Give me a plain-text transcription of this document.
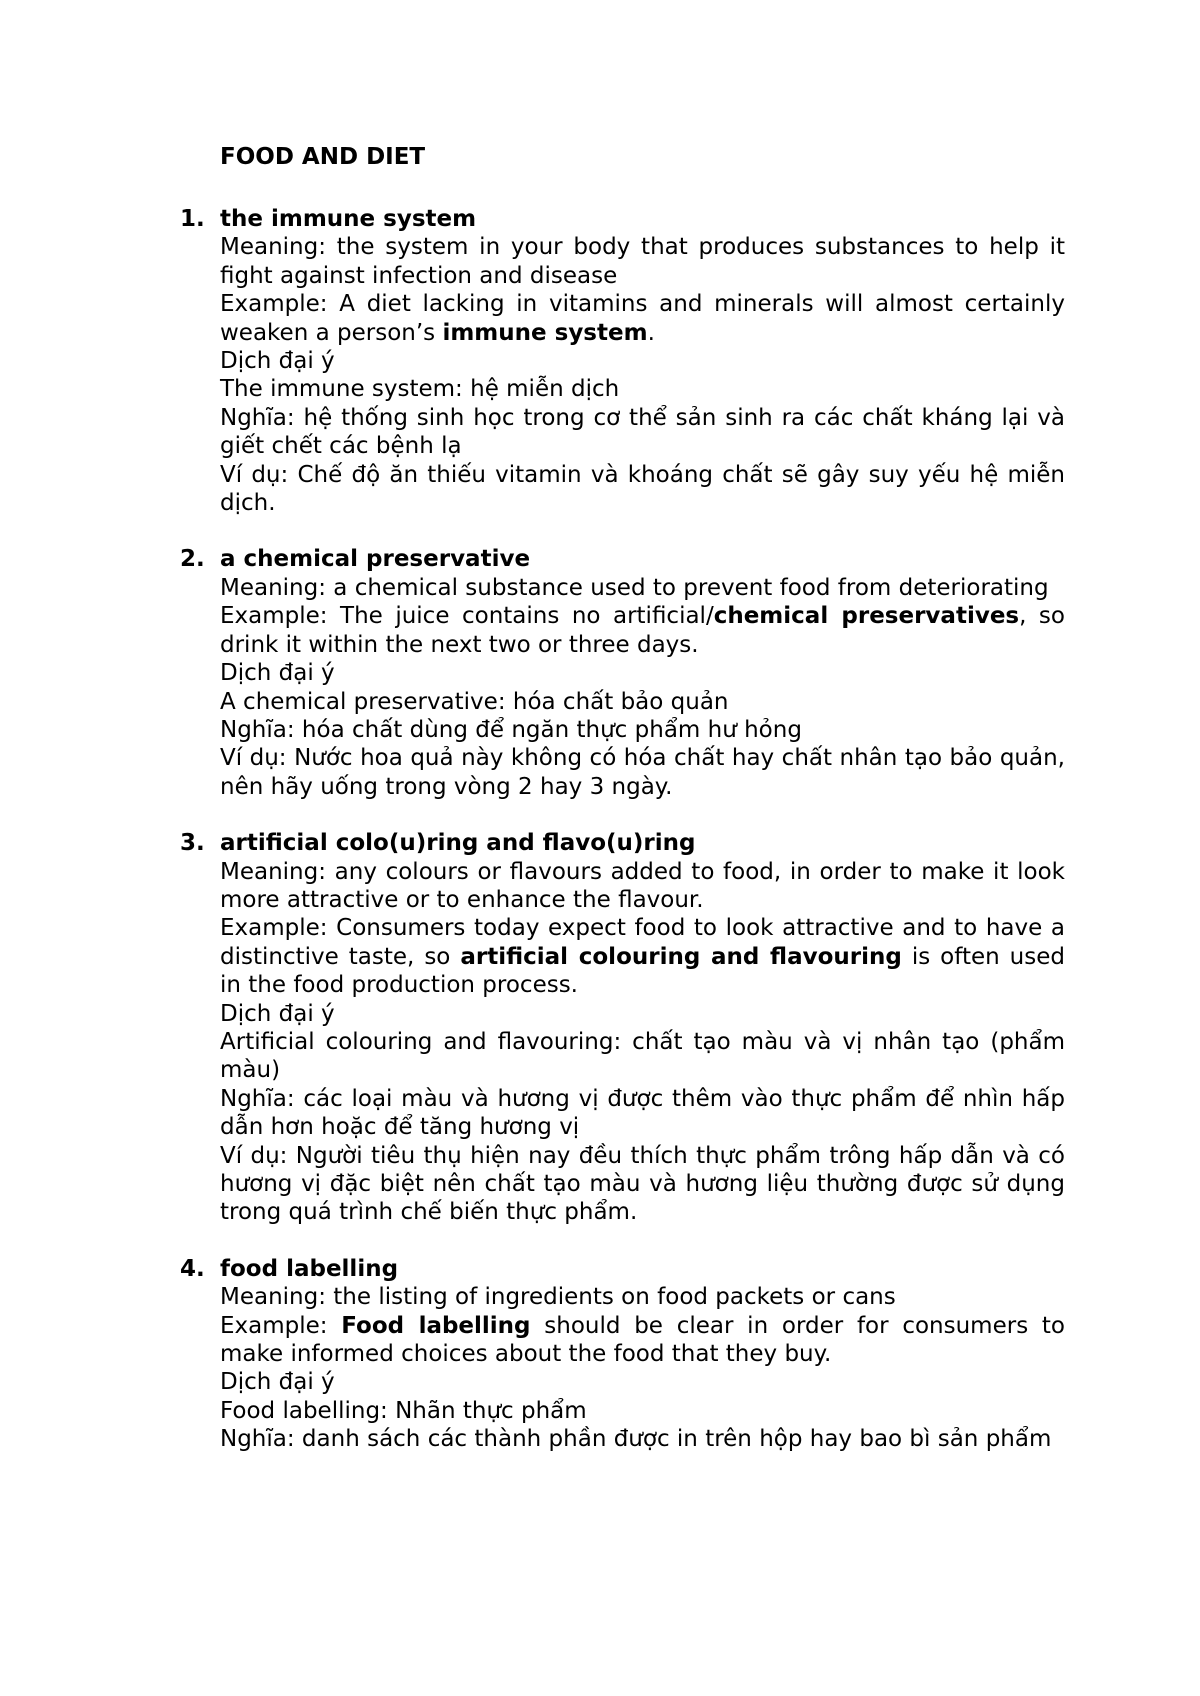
FOOD AND DIET
1. the immune system
Meaning: the system in your body that produces substances to help it fight against infection and disease
Example: A diet lacking in vitamins and minerals will almost certainly weaken a person’s immune system.
Dịch đại ý
The immune system: hệ miễn dịch
Nghĩa: hệ thống sinh học trong cơ thể sản sinh ra các chất kháng lại và giết chết các bệnh lạ
Ví dụ: Chế độ ăn thiếu vitamin và khoáng chất sẽ gây suy yếu hệ miễn dịch.
2. a chemical preservative
Meaning: a chemical substance used to prevent food from deteriorating
Example: The juice contains no artificial/chemical preservatives, so drink it within the next two or three days.
Dịch đại ý
A chemical preservative: hóa chất bảo quản
Nghĩa: hóa chất dùng để ngăn thực phẩm hư hỏng
Ví dụ: Nước hoa quả này không có hóa chất hay chất nhân tạo bảo quản, nên hãy uống trong vòng 2 hay 3 ngày.
3. artificial colo(u)ring and flavo(u)ring
Meaning: any colours or flavours added to food, in order to make it look more attractive or to enhance the flavour.
Example: Consumers today expect food to look attractive and to have a distinctive taste, so artificial colouring and flavouring is often used in the food production process.
Dịch đại ý
Artificial colouring and flavouring: chất tạo màu và vị nhân tạo (phẩm màu)
Nghĩa: các loại màu và hương vị được thêm vào thực phẩm để nhìn hấp dẫn hơn hoặc để tăng hương vị
Ví dụ: Người tiêu thụ hiện nay đều thích thực phẩm trông hấp dẫn và có hương vị đặc biệt nên chất tạo màu và hương liệu thường được sử dụng trong quá trình chế biến thực phẩm.
4. food labelling
Meaning: the listing of ingredients on food packets or cans
Example: Food labelling should be clear in order for consumers to make informed choices about the food that they buy.
Dịch đại ý
Food labelling: Nhãn thực phẩm
Nghĩa: danh sách các thành phần được in trên hộp hay bao bì sản phẩm
